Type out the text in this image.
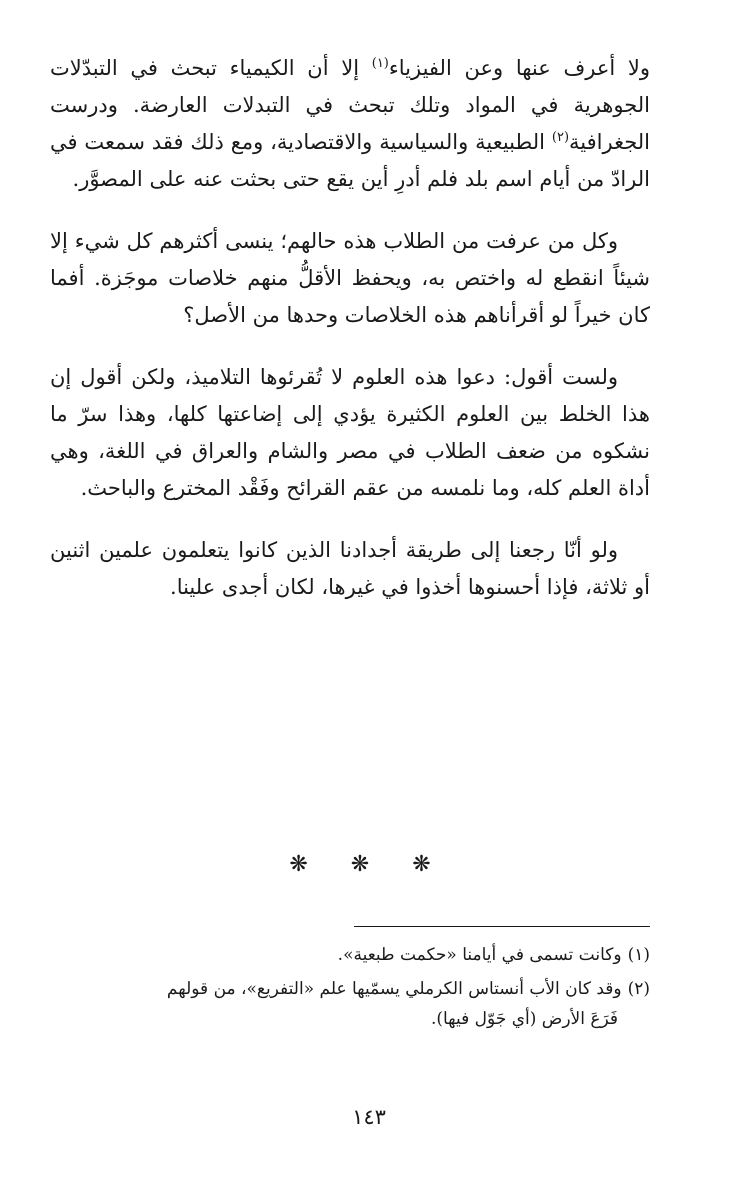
ولا أعرف عنها وعن الفيزياء$^{(١)}$ إلا أن الكيمياء تبحث في التبدّلات الجوهرية في المواد وتلك تبحث في التبدلات العارضة. ودرست الجغرافية$^{(٢)}$ الطبيعية والسياسية والاقتصادية، ومع ذلك فقد سمعت في الرادّ من أيام اسم بلد فلم أدرِ أين يقع حتى بحثت عنه على المصوَّر.

وكل من عرفت من الطلاب هذه حالهم؛ ينسى أكثرهم كل شيء إلا شيئاً انقطع له واختص به، ويحفظ الأقلُّ منهم خلاصات موجَزة. أفما كان خيراً لو أقرأناهم هذه الخلاصات وحدها من الأصل؟

ولست أقول: دعوا هذه العلوم لا تُقرئوها التلاميذ، ولكن أقول إن هذا الخلط بين العلوم الكثيرة يؤدي إلى إضاعتها كلها، وهذا سرّ ما نشكوه من ضعف الطلاب في مصر والشام والعراق في اللغة، وهي أداة العلم كله، وما نلمسه من عقم القرائح وفَقْد المخترع والباحث.

ولو أنّا رجعنا إلى طريقة أجدادنا الذين كانوا يتعلمون علمين اثنين أو ثلاثة، فإذا أحسنوها أخذوا في غيرها، لكان أجدى علينا.

❋ ❋ ❋

(١)وكانت تسمى في أيامنا «حكمت طبعية».

(٢)وقد كان الأب أنستاس الكرملي يسمّيها علم «التفريع»، من قولهم
فَرَعَ الأرض (أي جَوّل فيها).

١٤٣
